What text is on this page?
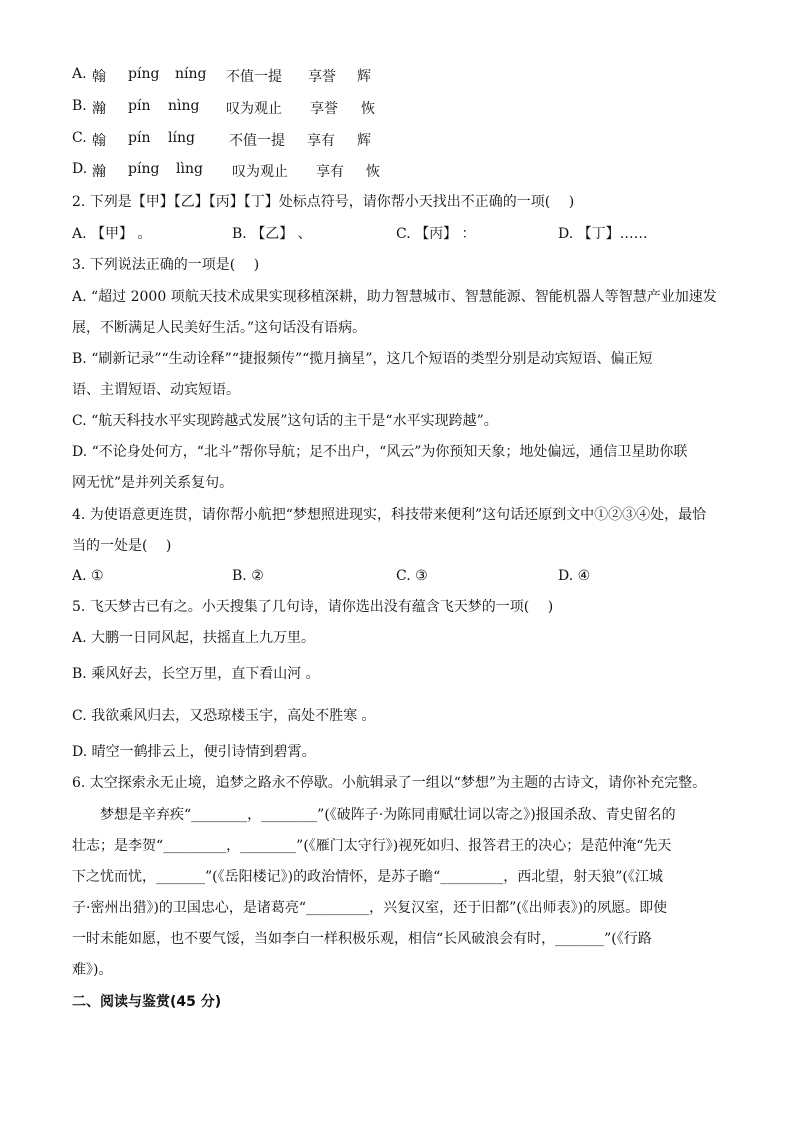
A. 翰 píng níng 不值一提 享誉 辉
B. 瀚 pín nìng 叹为观止 享誉 恢
C. 翰 pín líng 不值一提 享有 辉
D. 瀚 píng lìng 叹为观止 享有 恢
2. 下列是【甲】【乙】【丙】【丁】处标点符号，请你帮小天找出不正确的一项(　 )
A. 【甲】 。	B. 【乙】 、	C. 【丙】 ：	D. 【丁】……
3. 下列说法正确的一项是(　 )
A. “超过 2000 项航天技术成果实现移植深耕，助力智慧城市、智慧能源、智能机器人等智慧产业加速发
展，不断满足人民美好生活。”这句话没有语病。
B. “刷新记录”“生动诠释”“捷报频传”“揽月摘星”，这几个短语的类型分别是动宾短语、偏正短
语、主谓短语、动宾短语。
C. “航天科技水平实现跨越式发展”这句话的主干是“水平实现跨越”。
D. “不论身处何方，“北斗”帮你导航；足不出户，“风云”为你预知天象；地处偏远，通信卫星助你联
网无忧”是并列关系复句。
4. 为使语意更连贯，请你帮小航把“梦想照进现实，科技带来便利”这句话还原到文中①②③④处，最恰
当的一处是(　 )
A. ①	B. ②	C. ③	D. ④
5. 飞天梦古已有之。小天搜集了几句诗，请你选出没有蕴含飞天梦的一项(　 )
A. 大鹏一日同风起，扶摇直上九万里。
B. 乘风好去，长空万里，直下看山河 。
C. 我欲乘风归去，又恐琼楼玉宇，高处不胜寒 。
D. 晴空一鹤排云上，便引诗情到碧霄。
6. 太空探索永无止境，追梦之路永不停歇。小航辑录了一组以“梦想”为主题的古诗文，请你补充完整。
梦想是辛弃疾“________，________”(《破阵子·为陈同甫赋壮词以寄之》)报国杀敌、青史留名的
壮志；是李贺“_________，________”(《雁门太守行》)视死如归、报答君王的决心；是范仲淹“先天
下之忧而忧，_______”(《岳阳楼记》)的政治情怀，是苏子瞻“_________，西北望，射天狼”(《江城
子·密州出猎》)的卫国忠心，是诸葛亮“_________，兴复汉室，还于旧都”(《出师表》)的夙愿。即使
一时未能如愿，也不要气馁，当如李白一样积极乐观，相信“长风破浪会有时，_______”(《行路
难》)。
二、阅读与鉴赏(45 分)
